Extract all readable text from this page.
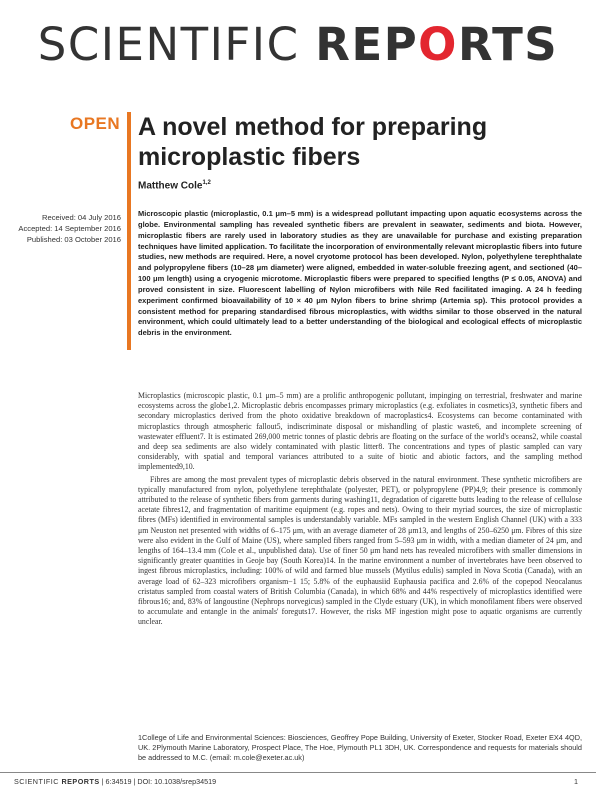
SCIENTIFIC REPORTS
OPEN A novel method for preparing
microplastic fibers
Matthew Cole$^{1,2}$
Received: 04 July 2016
Accepted: 14 September 2016
Published: 03 October 2016
Microscopic plastic (microplastic, 0.1 μm–5 mm) is a widespread pollutant impacting upon aquatic ecosystems across the globe. Environmental sampling has revealed synthetic fibers are prevalent in seawater, sediments and biota. However, microplastic fibers are rarely used in laboratory studies as they are unavailable for purchase and existing preparation techniques have limited application. To facilitate the incorporation of environmentally relevant microplastic fibers into future studies, new methods are required. Here, a novel cryotome protocol has been developed. Nylon, polyethylene terephthalate and polypropylene fibers (10–28 μm diameter) were aligned, embedded in water-soluble freezing agent, and sectioned (40–100 μm length) using a cryogenic microtome. Microplastic fibers were prepared to specified lengths (P ≤ 0.05, ANOVA) and proved consistent in size. Fluorescent labelling of Nylon microfibers with Nile Red facilitated imaging. A 24 h feeding experiment confirmed bioavailability of 10 × 40 μm Nylon fibers to brine shrimp (Artemia sp). This protocol provides a consistent method for preparing standardised fibrous microplastics, with widths similar to those observed in the natural environment, which could ultimately lead to a better understanding of the biological and ecological effects of microplastic debris in the environment.

Microplastics (microscopic plastic, 0.1 μm–5 mm) are a prolific anthropogenic pollutant, impinging on terrestrial, freshwater and marine ecosystems across the globe1,2. Microplastic debris encompasses primary microplastics (e.g. exfoliates in cosmetics)3, synthetic fibers and secondary microplastics derived from the photo oxidative breakdown of macroplastics4. Ecosystems can become contaminated with microplastics through atmospheric fallout5, indiscriminate disposal or mishandling of plastic waste6, and incomplete screening of wastewater effluent7. It is estimated 269,000 metric tonnes of plastic debris are floating on the surface of the world's oceans2, while coastal and deep sea sediments are also widely contaminated with plastic litter8. The concentrations and types of plastic sampled can vary considerably, with spatial and temporal variances attributed to a suite of biotic and abiotic factors, and the sampling method implemented9,10.

Fibres are among the most prevalent types of microplastic debris observed in the natural environment. These synthetic microfibers are typically manufactured from nylon, polyethylene terephthalate (polyester, PET), or polypropylene (PP)4,9; their presence is commonly attributed to the release of synthetic fibers from garments during washing11, degradation of cigarette butts leading to the release of cellulose acetate fibres12, and fragmentation of maritime equipment (e.g. ropes and nets). Owing to their myriad sources, the size of microplastic fibres (MFs) identified in environmental samples is understandably variable. MFs sampled in the western English Channel (UK) with a 333 μm Neuston net presented with widths of 6–175 μm, with an average diameter of 28 μm13, and lengths of 250–6250 μm. Fibres of this size were also evident in the Gulf of Maine (US), where sampled fibers ranged from 5–593 μm in width, with a median diameter of 24 μm, and lengths of 164–13.4 mm (Cole et al., unpublished data). Use of finer 50 μm hand nets has revealed microfibers with smaller dimensions in significantly greater quantities in Geoje bay (South Korea)14. In the marine environment a number of invertebrates have been observed to ingest fibrous microplastics, including: 100% of wild and farmed blue mussels (Mytilus edulis) sampled in Nova Scotia (Canada), with an average load of 62–323 microfibers organism−1 15; 5.8% of the euphausiid Euphausia pacifica and 2.6% of the copepod Neocalanus cristatus sampled from coastal waters of British Columbia (Canada), in which 68% and 44% respectively of microplastics identified were fibrous16; and, 83% of langoustine (Nephrops norvegicus) sampled in the Clyde estuary (UK), in which monofilament fibers were observed to accumulate and entangle in the animals' foreguts17. However, the risks MF ingestion might pose to aquatic organisms are currently unclear.

1College of Life and Environmental Sciences: Biosciences, Geoffrey Pope Building, University of Exeter, Stocker Road, Exeter EX4 4QD, UK. 2Plymouth Marine Laboratory, Prospect Place, The Hoe, Plymouth PL1 3DH, UK. Correspondence and requests for materials should be addressed to M.C. (email: m.cole@exeter.ac.uk)
SCIENTIFIC REPORTS | 6:34519 | DOI: 10.1038/srep34519	1
